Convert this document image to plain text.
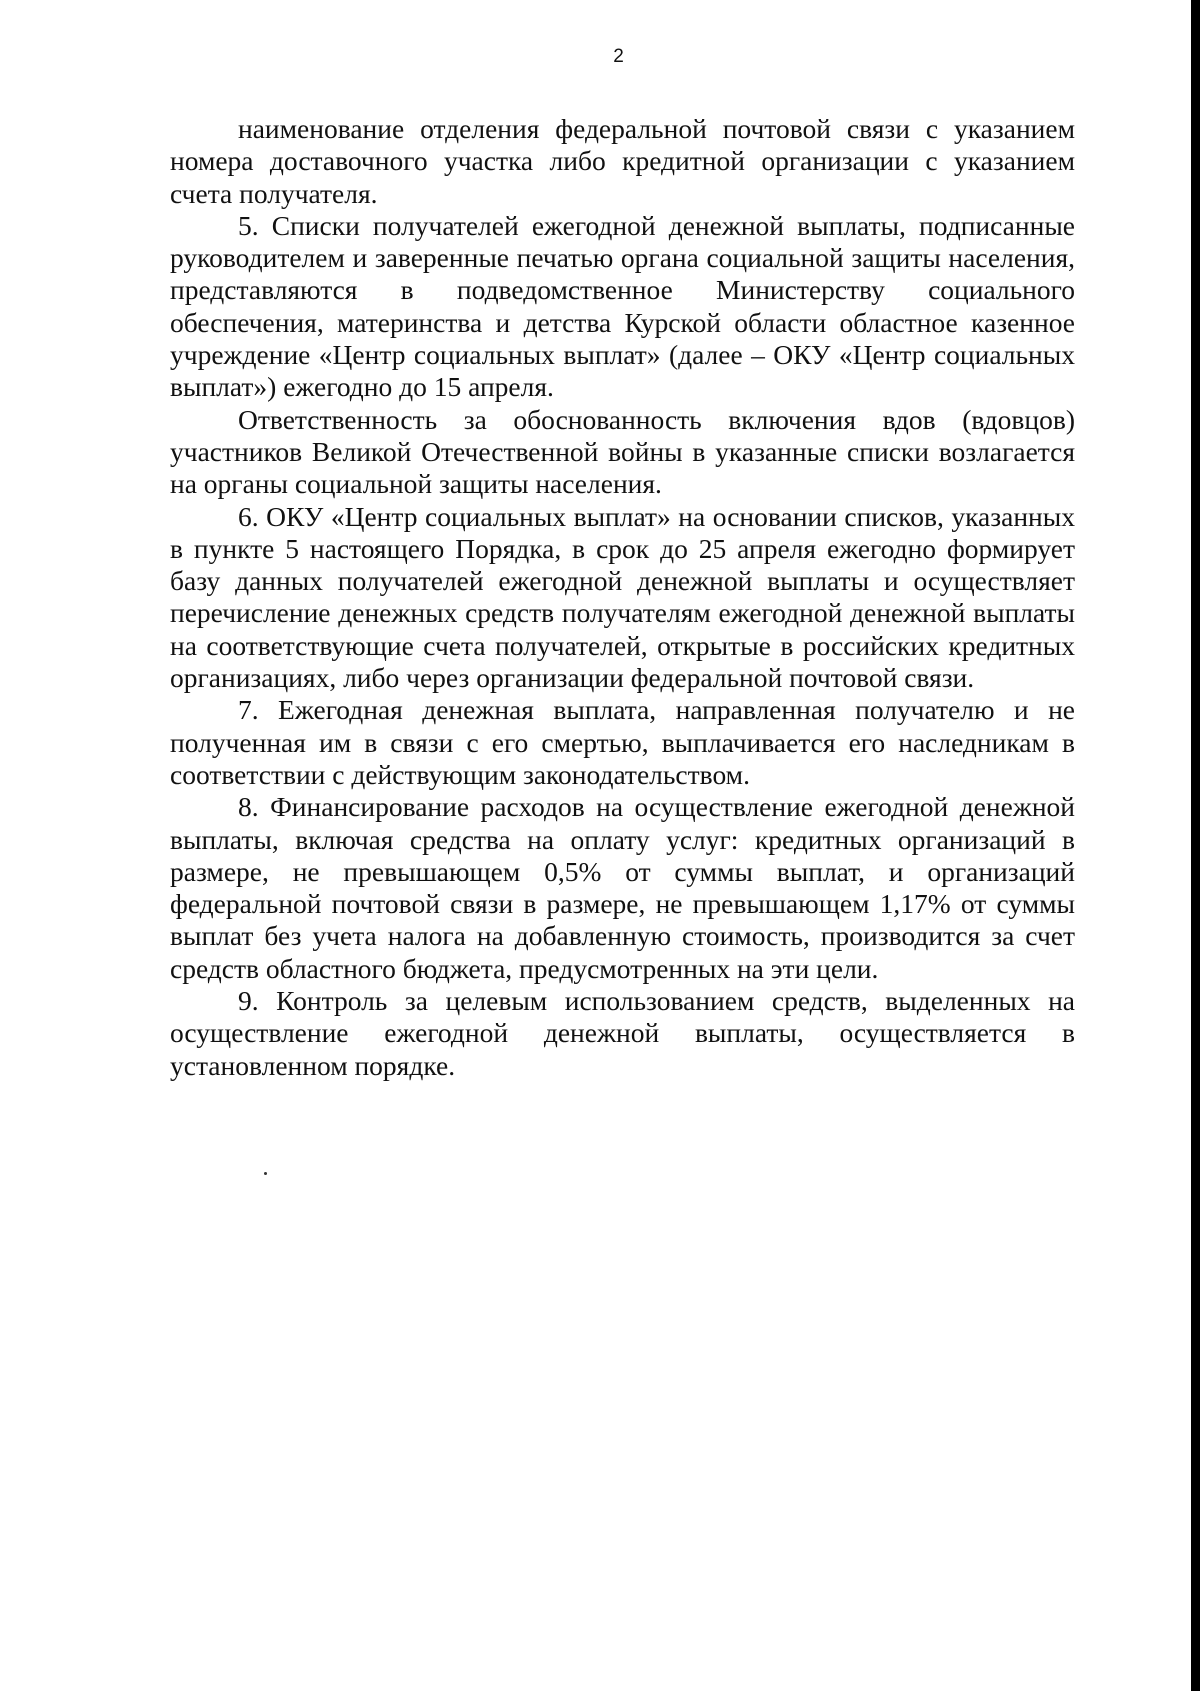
2

наименование отделения федеральной почтовой связи с указанием номера доставочного участка либо кредитной организации с указанием счета получателя.

5. Списки получателей ежегодной денежной выплаты, подписанные руководителем и заверенные печатью органа социальной защиты населения, представляются в подведомственное Министерству социального обеспечения, материнства и детства Курской области областное казенное учреждение «Центр социальных выплат» (далее – ОКУ «Центр социальных выплат») ежегодно до 15 апреля.

Ответственность за обоснованность включения вдов (вдовцов) участников Великой Отечественной войны в указанные списки возлагается на органы социальной защиты населения.

6. ОКУ «Центр социальных выплат» на основании списков, указанных в пункте 5 настоящего Порядка, в срок до 25 апреля ежегодно формирует базу данных получателей ежегодной денежной выплаты и осуществляет перечисление денежных средств получателям ежегодной денежной выплаты на соответствующие счета получателей, открытые в российских кредитных организациях, либо через организации федеральной почтовой связи.

7. Ежегодная денежная выплата, направленная получателю и не полученная им в связи с его смертью, выплачивается его наследникам в соответствии с действующим законодательством.

8. Финансирование расходов на осуществление ежегодной денежной выплаты, включая средства на оплату услуг: кредитных организаций в размере, не превышающем 0,5% от суммы выплат, и организаций федеральной почтовой связи в размере, не превышающем 1,17% от суммы выплат без учета налога на добавленную стоимость, производится за счет средств областного бюджета, предусмотренных на эти цели.

9. Контроль за целевым использованием средств, выделенных на осуществление ежегодной денежной выплаты, осуществляется в установленном порядке.
